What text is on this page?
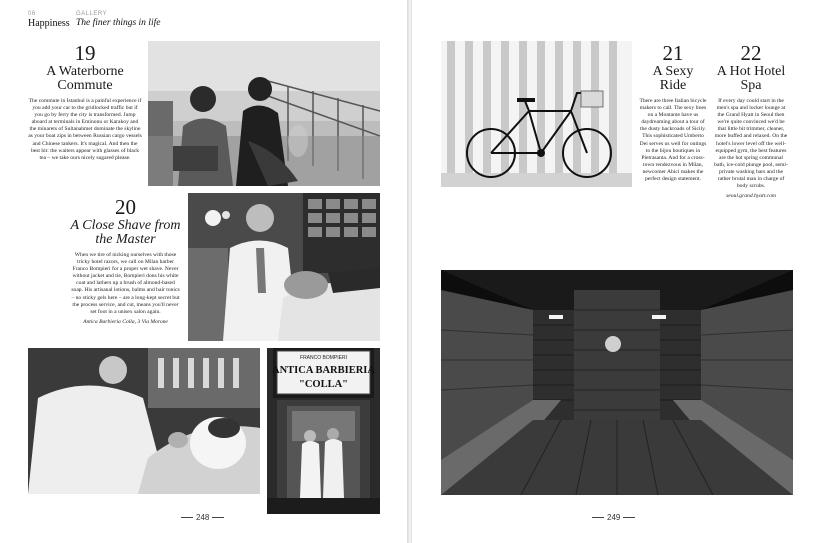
06
Happiness
GALLERY
The finer things in life
19
A Waterborne Commute
The commute in Istanbul is a painful experience if you add your car to the gridlocked traffic but if you go by ferry the city is transformed. Jump aboard at terminals in Eminonu or Karakoy and the minarets of Sultanahmet dominate the skyline as your boat zips in between Russian cargo vessels and Chinese tankers. It's magical. And then the best bit: the waiters appear with glasses of black tea – we take ours nicely sugared please.
20
A Close Shave from the Master
When we tire of nicking ourselves with those tricky hotel razors, we call on Milan barber Franco Bompieri for a proper wet shave. Never without jacket and tie, Bompieri dons his white coat and lathers up a brush of almond-based soap. His artisanal lotions, balms and hair tonics – no sticky gels here – are a long-kept secret but the process service, and cut, means you'll never set foot in a unisex salon again.
Antica Barbieria Colla, 3 Via Morone
FRANCO BOMPIERI
ANTICA BARBIERIA
"COLLA"
248
21
A Sexy Ride
There are three Italian bicycle makers to call. The sexy lines on a Montante have us daydreaming about a tour of the dusty backroads of Sicily. This sophisticated Umberto Dei serves us well for outings to the bijou boutiques in Pietrasanta. And for a cross-town rendezvous in Milan, newcomer Abici makes the perfect design statement.
22
A Hot Hotel Spa
If every day could start in the men's spa and locker lounge at the Grand Hyatt in Seoul then we're quite convinced we'd be that little bit trimmer, cleaner, more buffed and relaxed. On the hotel's lower level off the well-equipped gym, the best features are the hot spring communal bath, ice-cold plunge pool, semi-private washing bars and the rather brutal man in charge of body scrubs.
seoul.grand.hyatt.com
249
